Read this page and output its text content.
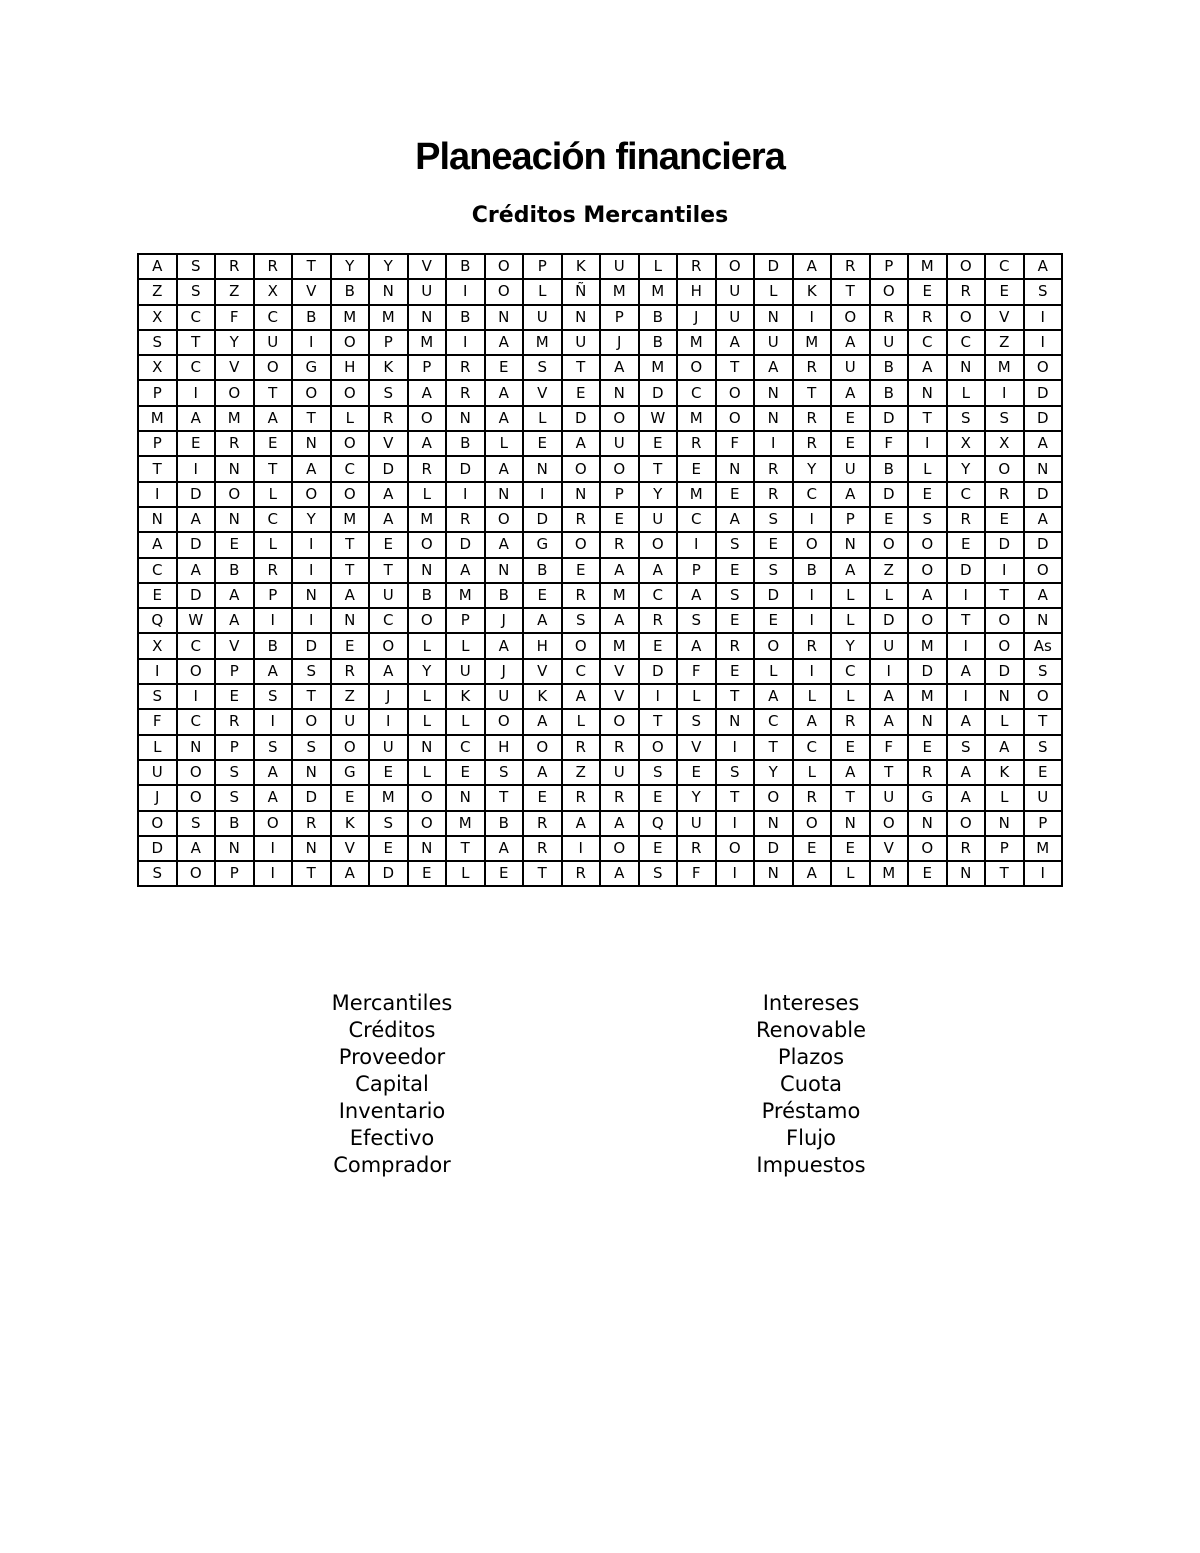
Planeación financiera
Créditos Mercantiles
A	S	R	R	T	Y	Y	V	B	O	P	K	U	L	R	O	D	A	R	P	M	O	C	A
Z	S	Z	X	V	B	N	U	I	O	L	Ñ	M	M	H	U	L	K	T	O	E	R	E	S
X	C	F	C	B	M	M	N	B	N	U	N	P	B	J	U	N	I	O	R	R	O	V	I
S	T	Y	U	I	O	P	M	I	A	M	U	J	B	M	A	U	M	A	U	C	C	Z	I
X	C	V	O	G	H	K	P	R	E	S	T	A	M	O	T	A	R	U	B	A	N	M	O
P	I	O	T	O	O	S	A	R	A	V	E	N	D	C	O	N	T	A	B	N	L	I	D
M	A	M	A	T	L	R	O	N	A	L	D	O	W	M	O	N	R	E	D	T	S	S	D
P	E	R	E	N	O	V	A	B	L	E	A	U	E	R	F	I	R	E	F	I	X	X	A
T	I	N	T	A	C	D	R	D	A	N	O	O	T	E	N	R	Y	U	B	L	Y	O	N
I	D	O	L	O	O	A	L	I	N	I	N	P	Y	M	E	R	C	A	D	E	C	R	D
N	A	N	C	Y	M	A	M	R	O	D	R	E	U	C	A	S	I	P	E	S	R	E	A
A	D	E	L	I	T	E	O	D	A	G	O	R	O	I	S	E	O	N	O	O	E	D	D
C	A	B	R	I	T	T	N	A	N	B	E	A	A	P	E	S	B	A	Z	O	D	I	O
E	D	A	P	N	A	U	B	M	B	E	R	M	C	A	S	D	I	L	L	A	I	T	A
Q	W	A	I	I	N	C	O	P	J	A	S	A	R	S	E	E	I	L	D	O	T	O	N
X	C	V	B	D	E	O	L	L	A	H	O	M	E	A	R	O	R	Y	U	M	I	O	As
I	O	P	A	S	R	A	Y	U	J	V	C	V	D	F	E	L	I	C	I	D	A	D	S
S	I	E	S	T	Z	J	L	K	U	K	A	V	I	L	T	A	L	L	A	M	I	N	O
F	C	R	I	O	U	I	L	L	O	A	L	O	T	S	N	C	A	R	A	N	A	L	T
L	N	P	S	S	O	U	N	C	H	O	R	R	O	V	I	T	C	E	F	E	S	A	S
U	O	S	A	N	G	E	L	E	S	A	Z	U	S	E	S	Y	L	A	T	R	A	K	E
J	O	S	A	D	E	M	O	N	T	E	R	R	E	Y	T	O	R	T	U	G	A	L	U
O	S	B	O	R	K	S	O	M	B	R	A	A	Q	U	I	N	O	N	O	N	O	N	P
D	A	N	I	N	V	E	N	T	A	R	I	O	E	R	O	D	E	E	V	O	R	P	M
S	O	P	I	T	A	D	E	L	E	T	R	A	S	F	I	N	A	L	M	E	N	T	I
Mercantiles
Créditos
Proveedor
Capital
Inventario
Efectivo
Comprador
Intereses
Renovable
Plazos
Cuota
Préstamo
Flujo
Impuestos
